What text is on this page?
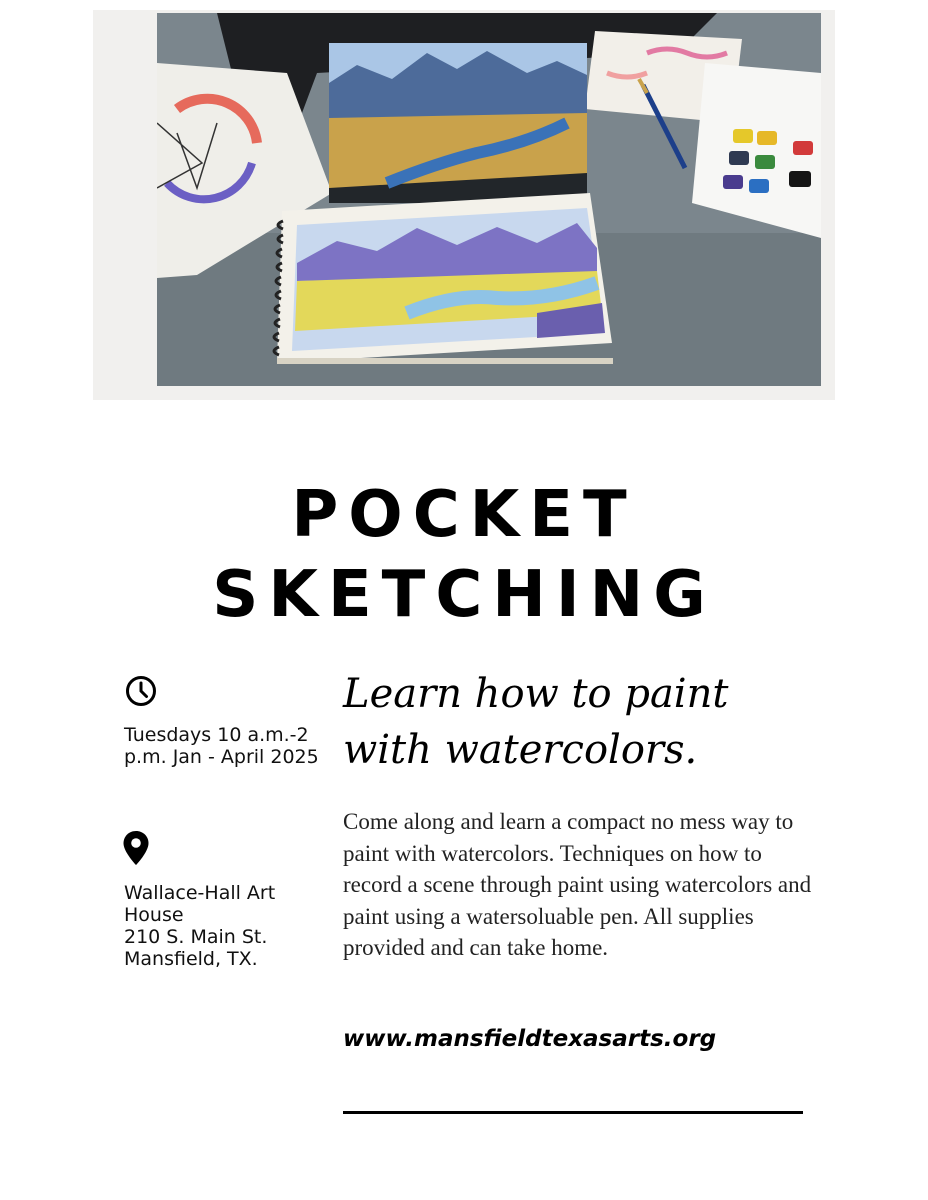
POCKET
SKETCHING
Tuesdays 10 a.m.-2 p.m. Jan - April 2025
Wallace-Hall Art
House
210 S. Main St.
Mansfield, TX.
Learn how to paint with watercolors.
Come along and learn a compact no mess way to paint with watercolors. Techniques on how to record a scene through paint using watercolors and paint using a watersoluable pen. All supplies provided and can take home.
www.mansfieldtexasarts.org
